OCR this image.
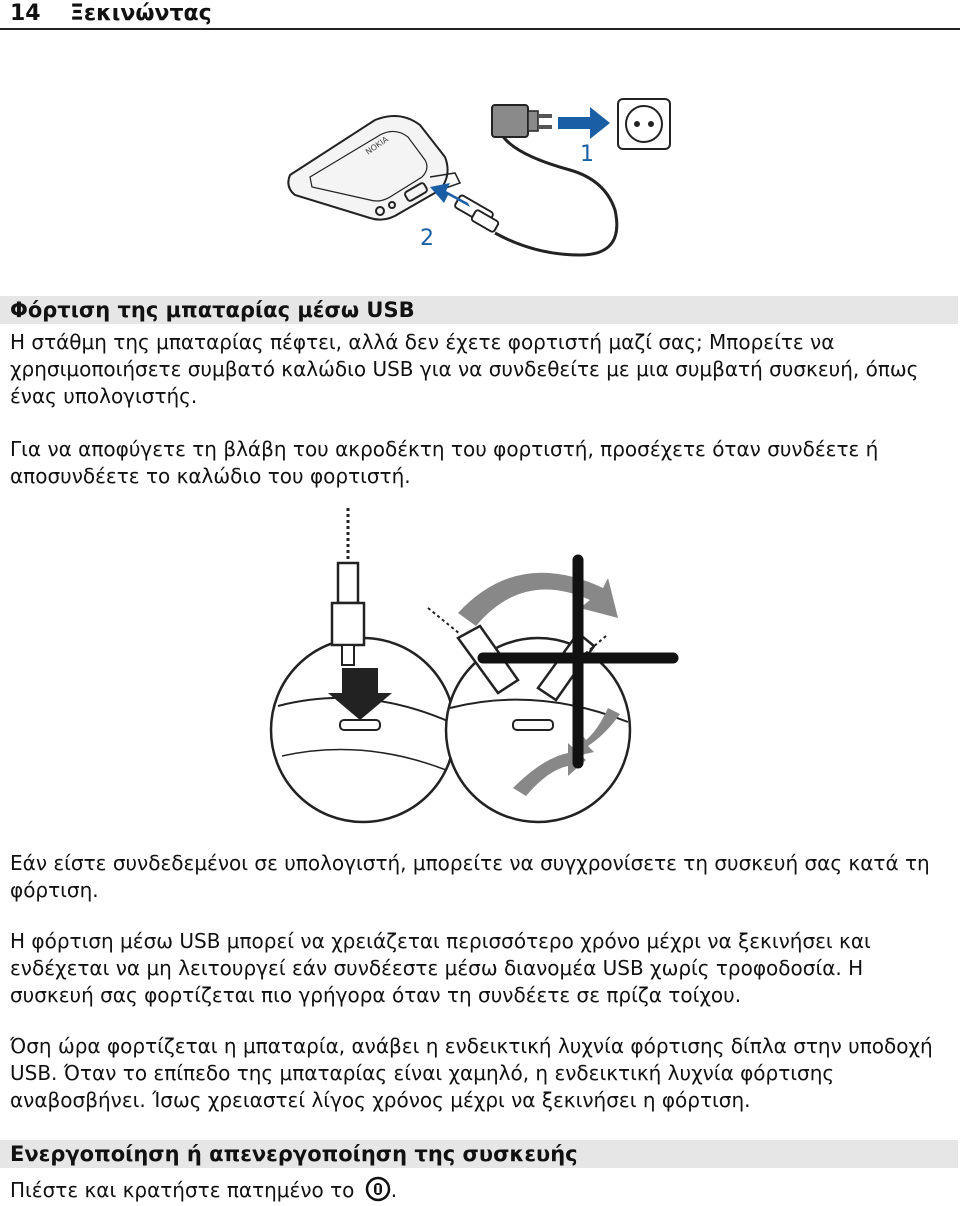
14 Ξεκινώντας
NOKIA	1
2
Φόρτιση της μπαταρίας μέσω USB

Η στάθμη της μπαταρίας πέφτει, αλλά δεν έχετε φορτιστή μαζί σας; Μπορείτε να χρησιμοποιήσετε συμβατό καλώδιο USB για να συνδεθείτε με μια συμβατή συσκευή, όπως ένας υπολογιστής.

Για να αποφύγετε τη βλάβη του ακροδέκτη του φορτιστή, προσέχετε όταν συνδέετε ή αποσυνδέετε το καλώδιο του φορτιστή.

Εάν είστε συνδεδεμένοι σε υπολογιστή, μπορείτε να συγχρονίσετε τη συσκευή σας κατά τη φόρτιση.

Η φόρτιση μέσω USB μπορεί να χρειάζεται περισσότερο χρόνο μέχρι να ξεκινήσει και ενδέχεται να μη λειτουργεί εάν συνδέεστε μέσω διανομέα USB χωρίς τροφοδοσία. Η συσκευή σας φορτίζεται πιο γρήγορα όταν τη συνδέετε σε πρίζα τοίχου.

Όση ώρα φορτίζεται η μπαταρία, ανάβει η ενδεικτική λυχνία φόρτισης δίπλα στην υποδοχή USB. Όταν το επίπεδο της μπαταρίας είναι χαμηλό, η ενδεικτική λυχνία φόρτισης αναβοσβήνει. Ίσως χρειαστεί λίγος χρόνος μέχρι να ξεκινήσει η φόρτιση.

Ενεργοποίηση ή απενεργοποίηση της συσκευής

Πιέστε και κρατήστε πατημένο το .
